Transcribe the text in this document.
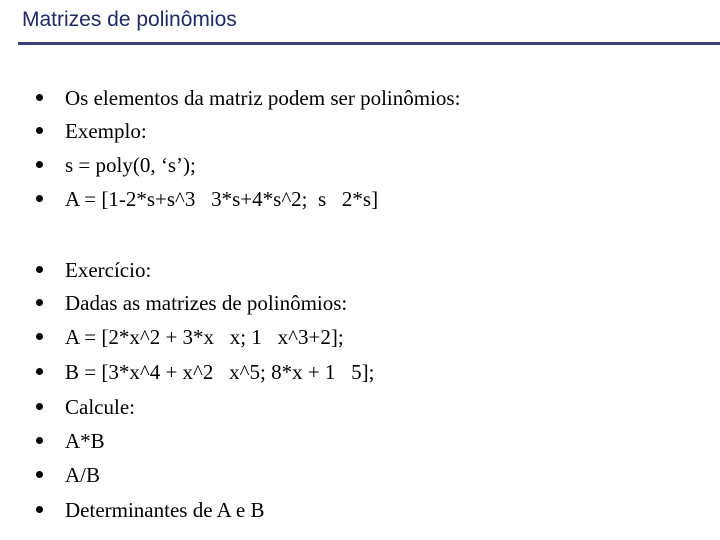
Matrizes de polinômios
Os elementos da matriz podem ser polinômios:
Exemplo:
s = poly(0, ‘s’);
A = [1-2*s+s^3   3*s+4*s^2;  s   2*s]
Exercício:
Dadas as matrizes de polinômios:
A = [2*x^2 + 3*x   x; 1   x^3+2];
B = [3*x^4 + x^2   x^5; 8*x + 1   5];
Calcule:
A*B
A/B
Determinantes de A e B
